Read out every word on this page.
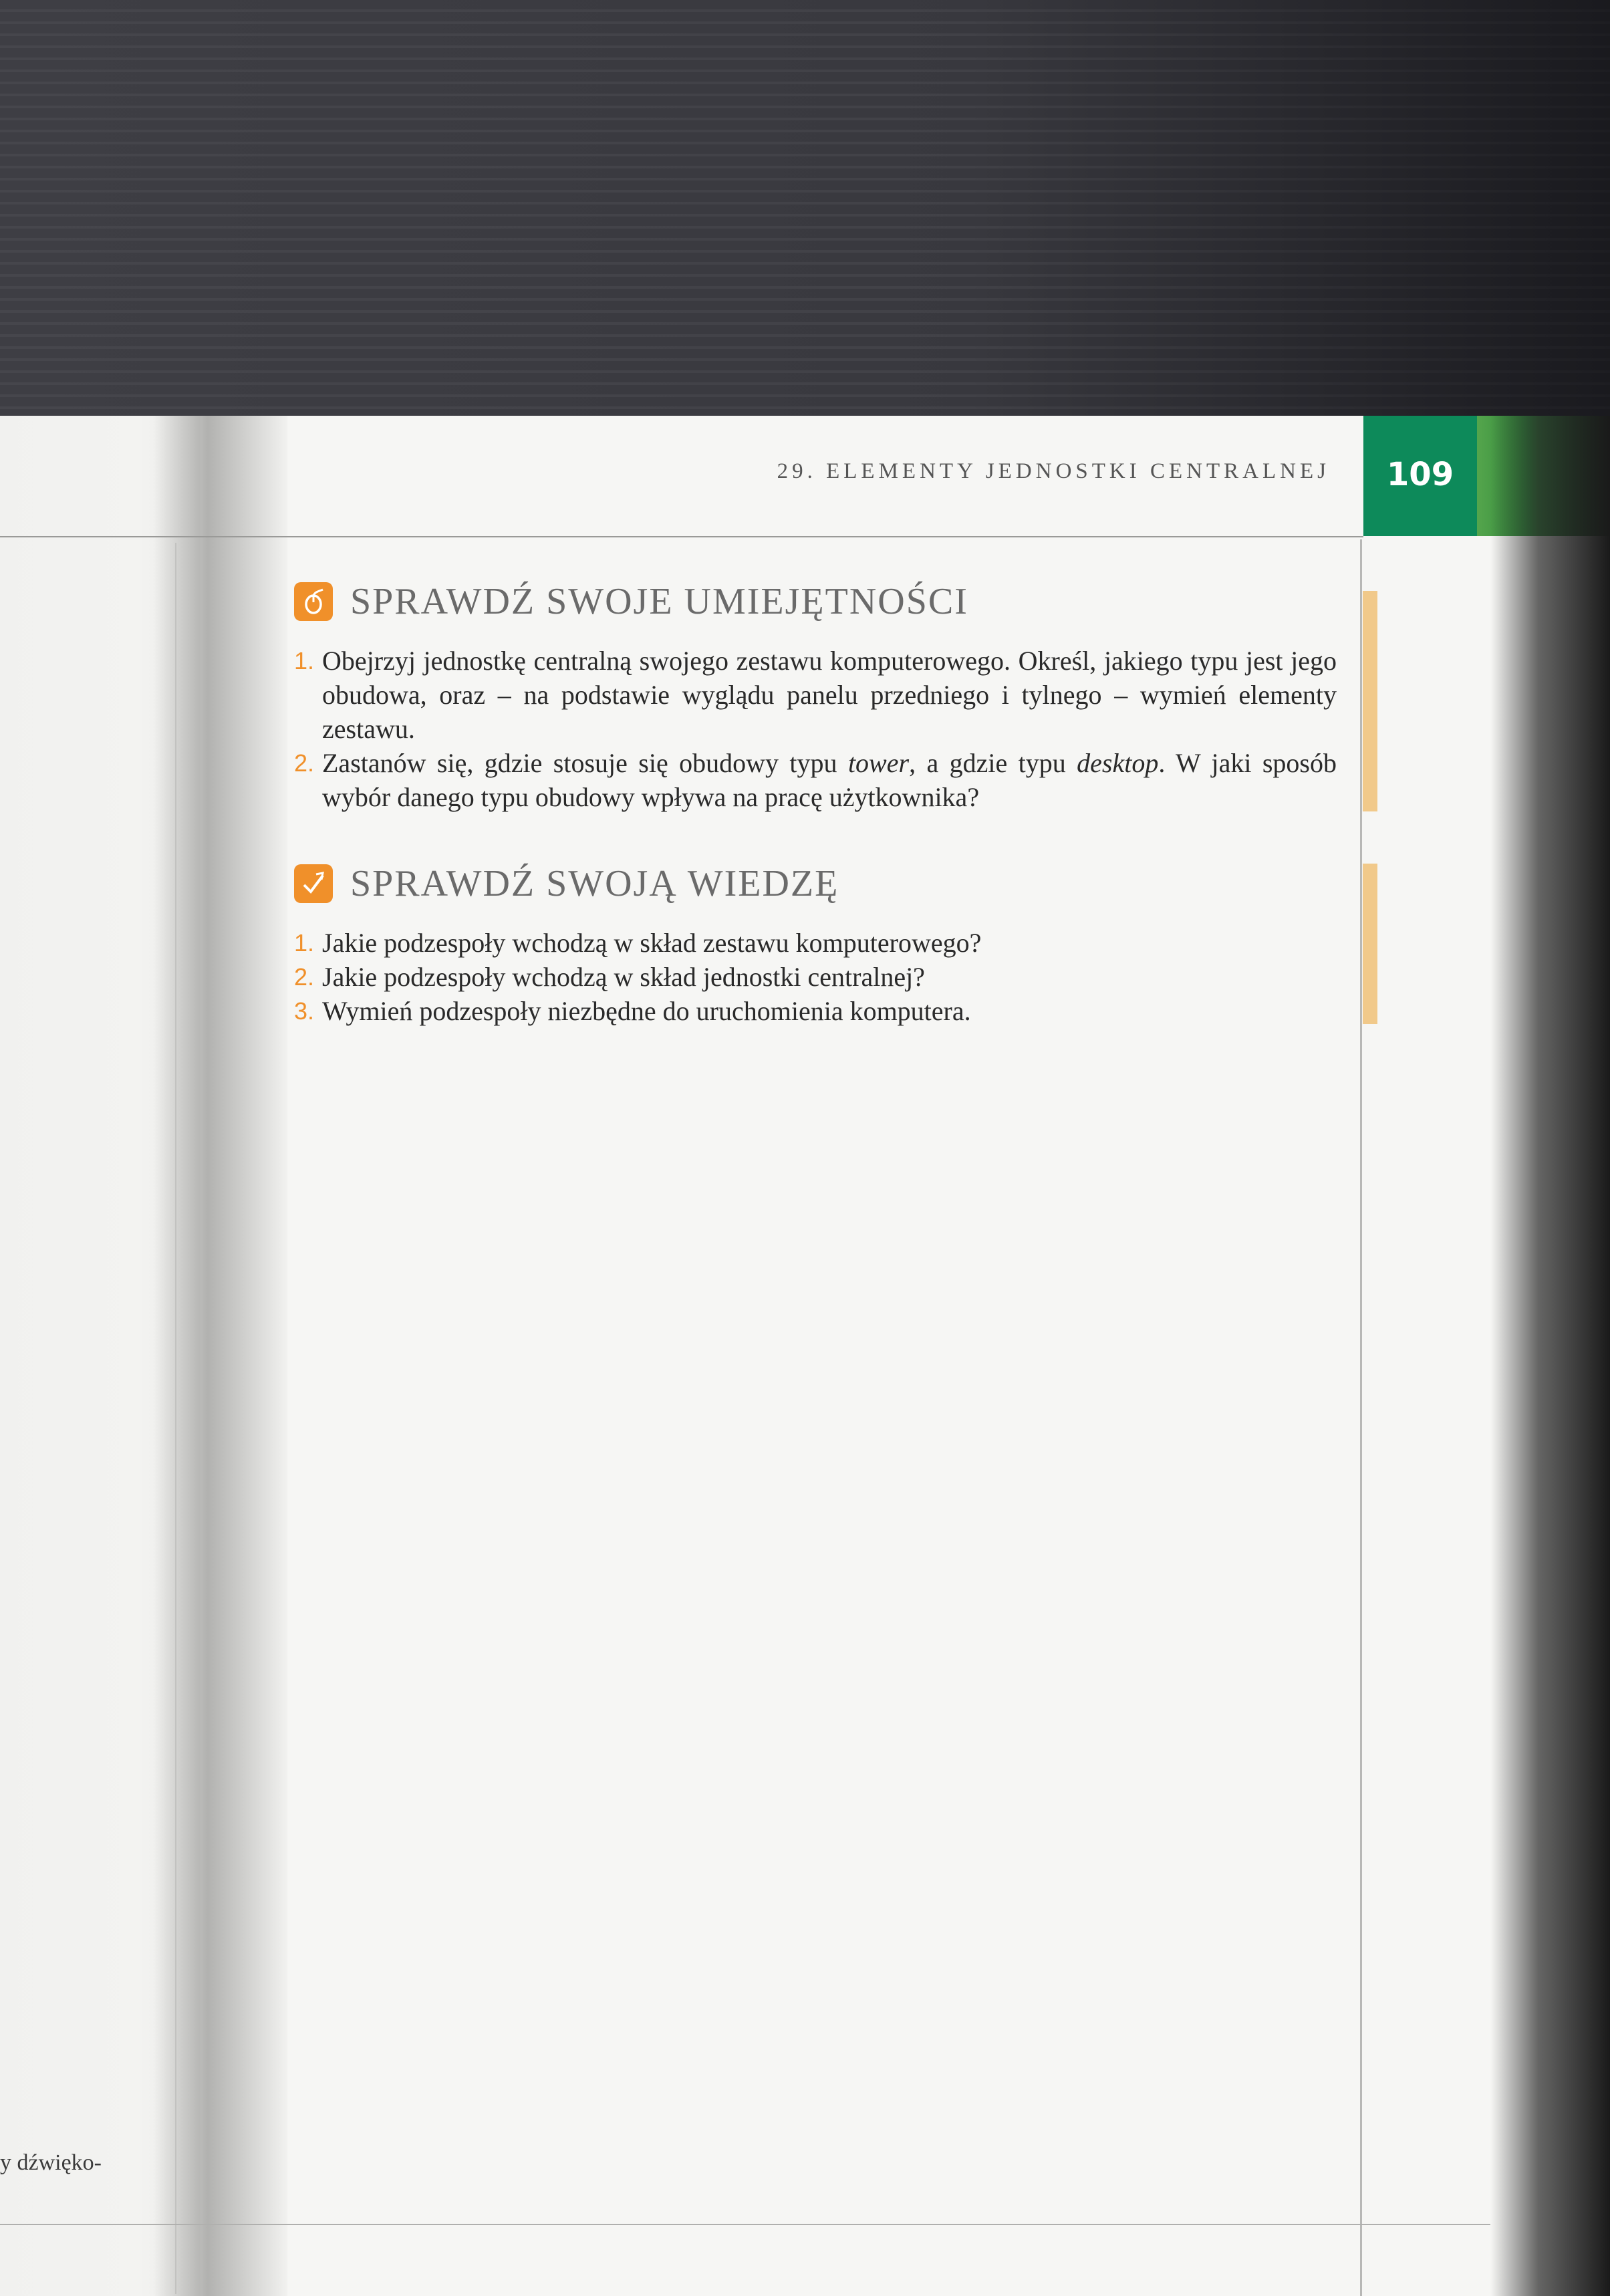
29. ELEMENTY JEDNOSTKI CENTRALNEJ	109
SPRAWDŹ SWOJE UMIEJĘTNOŚCI
1. Obejrzyj jednostkę centralną swojego zestawu komputerowego. Określ, jakiego typu jest jego obudowa, oraz – na podstawie wyglądu panelu przedniego i tylnego – wymień elementy zestawu.
2. Zastanów się, gdzie stosuje się obudowy typu tower, a gdzie typu desktop. W jaki sposób wybór danego typu obudowy wpływa na pracę użytkownika?
SPRAWDŹ SWOJĄ WIEDZĘ
1. Jakie podzespoły wchodzą w skład zestawu komputerowego?
2. Jakie podzespoły wchodzą w skład jednostki centralnej?
3. Wymień podzespoły niezbędne do uruchomienia komputera.
y dźwięko-
